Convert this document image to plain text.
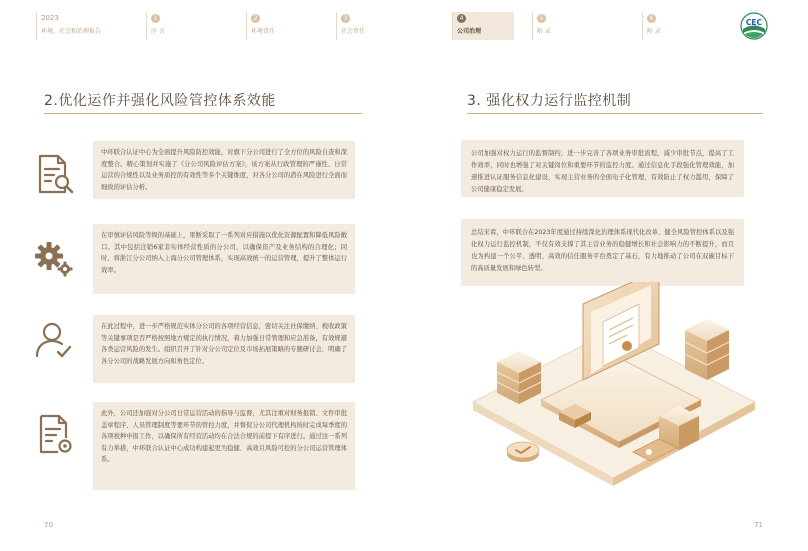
2023
环境、社会和治理报告
1
序 言
2
环境责任
3
社会责任
2.优化运作并强化风险管控体系效能
中环联合认证中心为全面提升风险防控效能，对旗下分公司进行了全方位的风险自查和深度整合。精心策划并实施了《分公司风险评估方案》，该方案从行政管理的严谨性、日常运营的合规性以及业务质控的有效性等多个关键维度，对各分公司的潜在风险进行全面而细致的评估分析。
在审慎评估风险等级的基础上，果断采取了一系列对应措施以优化资源配置和降低风险敞口。其中包括注销6家非实体经营性质的分公司，以确保资产及业务结构的合理化；同时，将浙江分公司纳入上海分公司管理体系，实现高效统一的运营管理，提升了整体运行效率。
在此过程中，进一步严格规范实体分公司的各项经营信息，密切关注社保缴纳、税收政策等关键事项是否严格按照地方规定的执行情况，着力加强日常管理和应急准备，有效规避各类运营风险的发生。组织召开了针对分公司定位及市场拓展策略的专题研讨会，明确了各分公司的战略发展方向和角色定位。
此外，公司还加强对分公司日常运营活动的指导与监督，尤其注重对财务报销、文件审批盖章程序、人员管理制度等要环节的管控力度，并督促分公司代理机构按时完成每季度的各项税种申报工作，以确保所有经营活动均在合法合规的前提下有序进行。通过这一系列有力举措，中环联合认证中心成功构建起更为稳健、高效且风险可控的分公司运营管理体系。
70
4
公司治理
5
附 录
6
附 录
CEC
3. 强化权力运行监控机制
公司加强对权力运行的监督制约，进一步完善了各项业务审批流程，减少审批节点，提高了工作效率，同时也增强了对关键岗位和重要环节的监控力度。通过信息化手段强化管理效能，加速推进认证服务信息化建设，实现主营业务的全面电子化管理，有效防止了权力滥用，保障了公司健康稳定发展。
总结来看，中环联合在2023年度通过持续深化治理体系现代化改革、健全风险管控体系以及强化权力运行监控机制，不仅有效支撑了其主营业务的稳健增长和社会影响力的不断提升，而且也为构建一个公平、透明、高效的信任服务平台奠定了基石，有力地推动了公司在双碳目标下的高质量发展和绿色转型。
71
